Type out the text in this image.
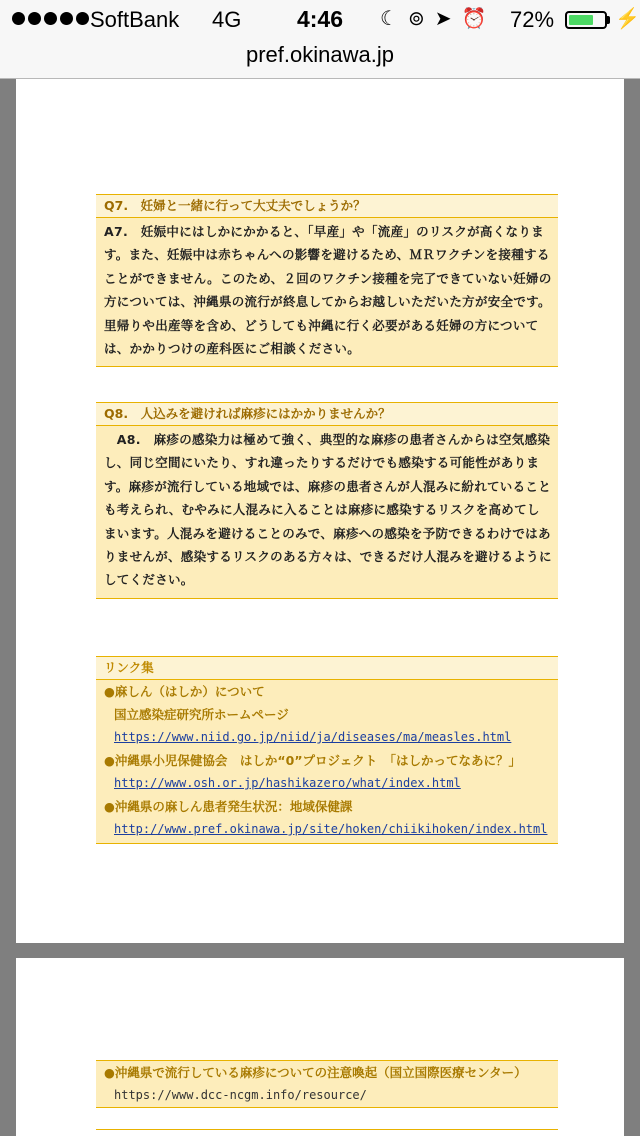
SoftBank 4G	4:46	☾ ⊚ ➤ ⏰	72%	⚡
pref.okinawa.jp
Q7.　妊婦と一緒に行って大丈夫でしょうか？
A7.　妊娠中にはしかにかかると、「早産」や「流産」のリスクが高くなります。また、妊娠中は赤ちゃんへの影響を避けるため、ＭＲワクチンを接種することができません。このため、２回のワクチン接種を完了できていない妊婦の方については、沖縄県の流行が終息してからお越しいただいた方が安全です。里帰りや出産等を含め、どうしても沖縄に行く必要がある妊婦の方については、かかりつけの産科医にご相談ください。
Q8.　人込みを避ければ麻疹にはかかりませんか？
　A8.　麻疹の感染力は極めて強く、典型的な麻疹の患者さんからは空気感染し、同じ空間にいたり、すれ違ったりするだけでも感染する可能性があります。麻疹が流行している地域では、麻疹の患者さんが人混みに紛れていることも考えられ、むやみに人混みに入ることは麻疹に感染するリスクを高めてしまいます。人混みを避けることのみで、麻疹への感染を予防できるわけではありませんが、感染するリスクのある方々は、できるだけ人混みを避けるようにしてください。
リンク集
●麻しん（はしか）について
国立感染症研究所ホームページ
https://www.niid.go.jp/niid/ja/diseases/ma/measles.html
●沖縄県小児保健協会　はしか“0”プロジェクト　「はしかってなあに？」
http://www.osh.or.jp/hashikazero/what/index.html
●沖縄県の麻しん患者発生状況：地域保健課
http://www.pref.okinawa.jp/site/hoken/chiikihoken/index.html
●沖縄県で流行している麻疹についての注意喚起（国立国際医療センター）
https://www.dcc-ncgm.info/resource/
